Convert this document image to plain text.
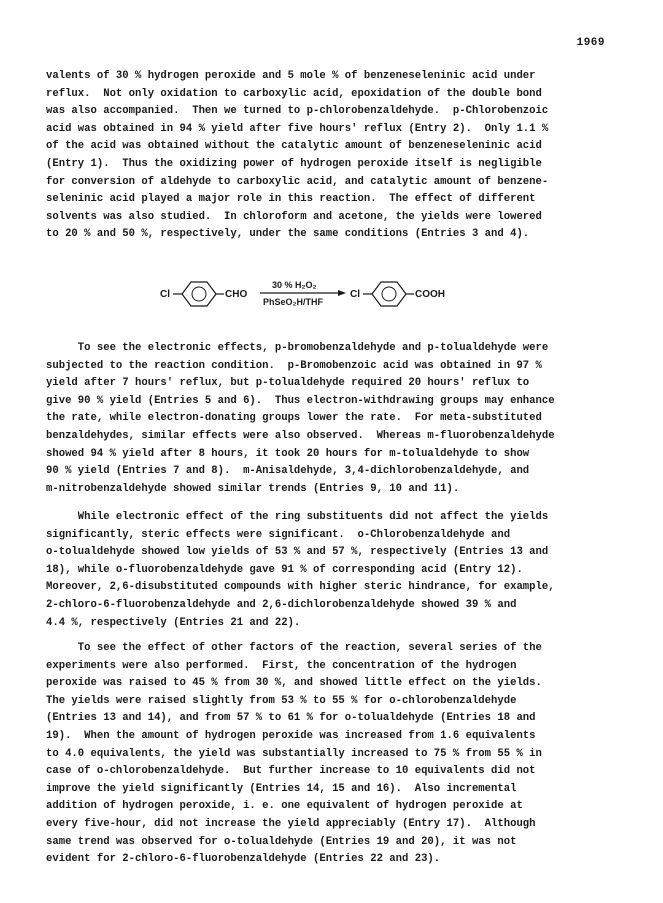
1969
valents of 30 % hydrogen peroxide and 5 mole % of benzeneseleninic acid under
reflux.  Not only oxidation to carboxylic acid, epoxidation of the double bond
was also accompanied.  Then we turned to p-chlorobenzaldehyde.  p-Chlorobenzoic
acid was obtained in 94 % yield after five hours' reflux (Entry 2).  Only 1.1 %
of the acid was obtained without the catalytic amount of benzeneseleninic acid
(Entry 1).  Thus the oxidizing power of hydrogen peroxide itself is negligible
for conversion of aldehyde to carboxylic acid, and catalytic amount of benzene-
seleninic acid played a major role in this reaction.  The effect of different
solvents was also studied.  In chloroform and acetone, the yields were lowered
to 20 % and 50 %, respectively, under the same conditions (Entries 3 and 4).
Cl	CHO
30 % H₂O₂
PhSeO₂H/THF
Cl	COOH
To see the electronic effects, p-bromobenzaldehyde and p-tolualdehyde were
subjected to the reaction condition.  p-Bromobenzoic acid was obtained in 97 %
yield after 7 hours' reflux, but p-tolualdehyde required 20 hours' reflux to
give 90 % yield (Entries 5 and 6).  Thus electron-withdrawing groups may enhance
the rate, while electron-donating groups lower the rate.  For meta-substituted
benzaldehydes, similar effects were also observed.  Whereas m-fluorobenzaldehyde
showed 94 % yield after 8 hours, it took 20 hours for m-tolualdehyde to show
90 % yield (Entries 7 and 8).  m-Anisaldehyde, 3,4-dichlorobenzaldehyde, and
m-nitrobenzaldehyde showed similar trends (Entries 9, 10 and 11).
While electronic effect of the ring substituents did not affect the yields
significantly, steric effects were significant.  o-Chlorobenzaldehyde and
o-tolualdehyde showed low yields of 53 % and 57 %, respectively (Entries 13 and
18), while o-fluorobenzaldehyde gave 91 % of corresponding acid (Entry 12).
Moreover, 2,6-disubstituted compounds with higher steric hindrance, for example,
2-chloro-6-fluorobenzaldehyde and 2,6-dichlorobenzaldehyde showed 39 % and
4.4 %, respectively (Entries 21 and 22).
To see the effect of other factors of the reaction, several series of the
experiments were also performed.  First, the concentration of the hydrogen
peroxide was raised to 45 % from 30 %, and showed little effect on the yields.
The yields were raised slightly from 53 % to 55 % for o-chlorobenzaldehyde
(Entries 13 and 14), and from 57 % to 61 % for o-tolualdehyde (Entries 18 and
19).  When the amount of hydrogen peroxide was increased from 1.6 equivalents
to 4.0 equivalents, the yield was substantially increased to 75 % from 55 % in
case of o-chlorobenzaldehyde.  But further increase to 10 equivalents did not
improve the yield significantly (Entries 14, 15 and 16).  Also incremental
addition of hydrogen peroxide, i. e. one equivalent of hydrogen peroxide at
every five-hour, did not increase the yield appreciably (Entry 17).  Although
same trend was observed for o-tolualdehyde (Entries 19 and 20), it was not
evident for 2-chloro-6-fluorobenzaldehyde (Entries 22 and 23).
